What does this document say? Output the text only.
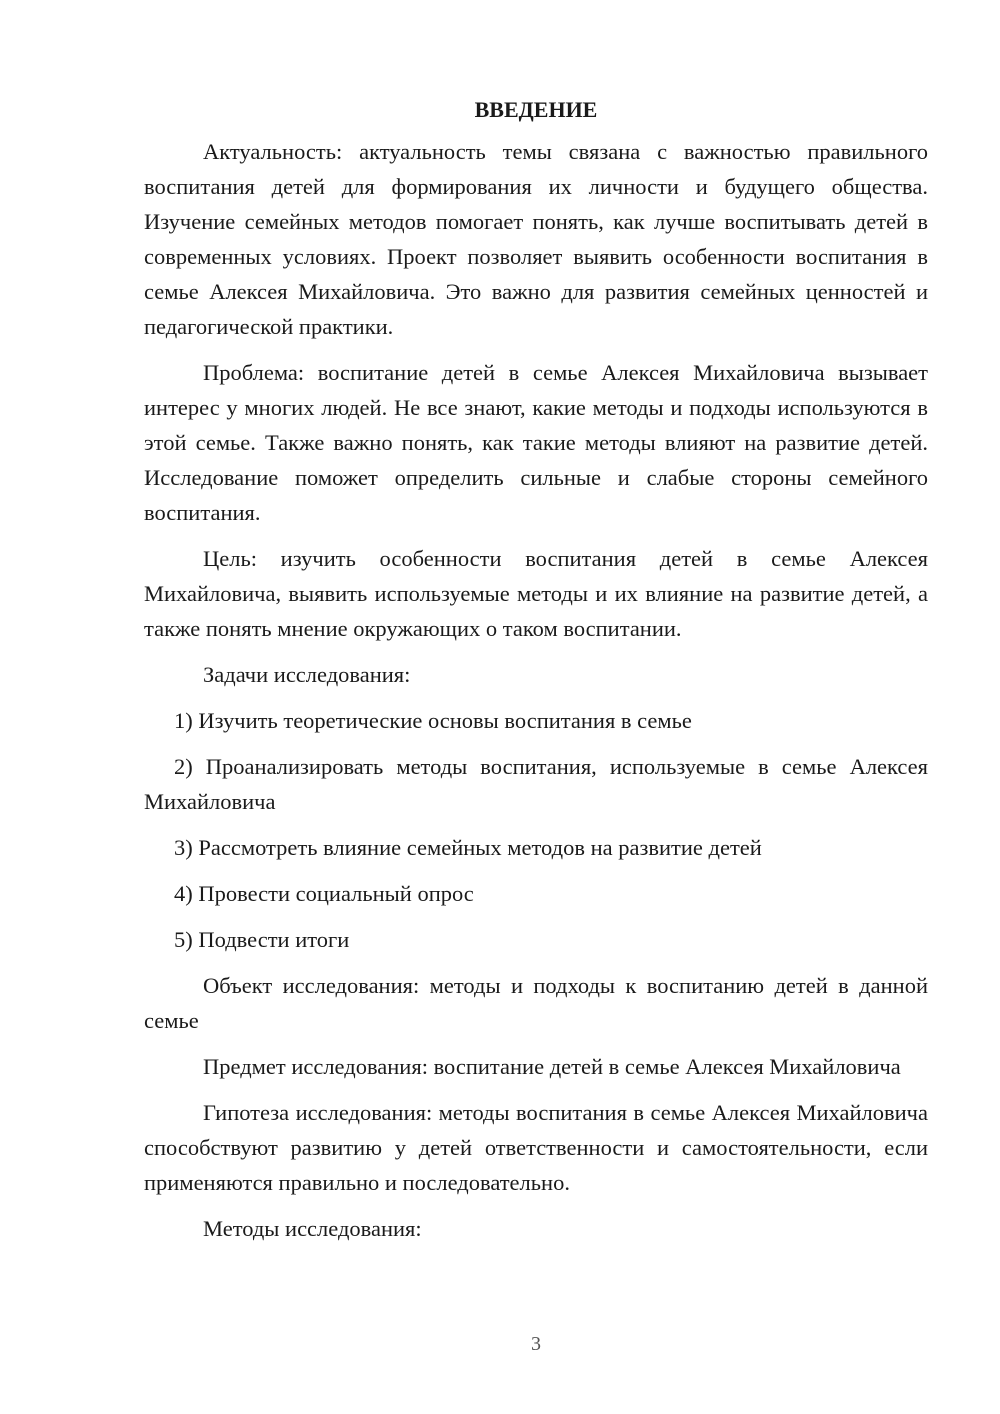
ВВЕДЕНИЕ

Актуальность: актуальность темы связана с важностью правильного воспитания детей для формирования их личности и будущего общества. Изучение семейных методов помогает понять, как лучше воспитывать детей в современных условиях. Проект позволяет выявить особенности воспитания в семье Алексея Михайловича. Это важно для развития семейных ценностей и педагогической практики.

Проблема: воспитание детей в семье Алексея Михайловича вызывает интерес у многих людей. Не все знают, какие методы и подходы используются в этой семье. Также важно понять, как такие методы влияют на развитие детей. Исследование поможет определить сильные и слабые стороны семейного воспитания.

Цель: изучить особенности воспитания детей в семье Алексея Михайловича, выявить используемые методы и их влияние на развитие детей, а также понять мнение окружающих о таком воспитании.

Задачи исследования:

1) Изучить теоретические основы воспитания в семье

2) Проанализировать методы воспитания, используемые в семье Алексея Михайловича

3) Рассмотреть влияние семейных методов на развитие детей

4) Провести социальный опрос

5) Подвести итоги

Объект исследования: методы и подходы к воспитанию детей в данной семье

Предмет исследования: воспитание детей в семье Алексея Михайловича

Гипотеза исследования: методы воспитания в семье Алексея Михайловича способствуют развитию у детей ответственности и самостоятельности, если применяются правильно и последовательно.

Методы исследования:

3
